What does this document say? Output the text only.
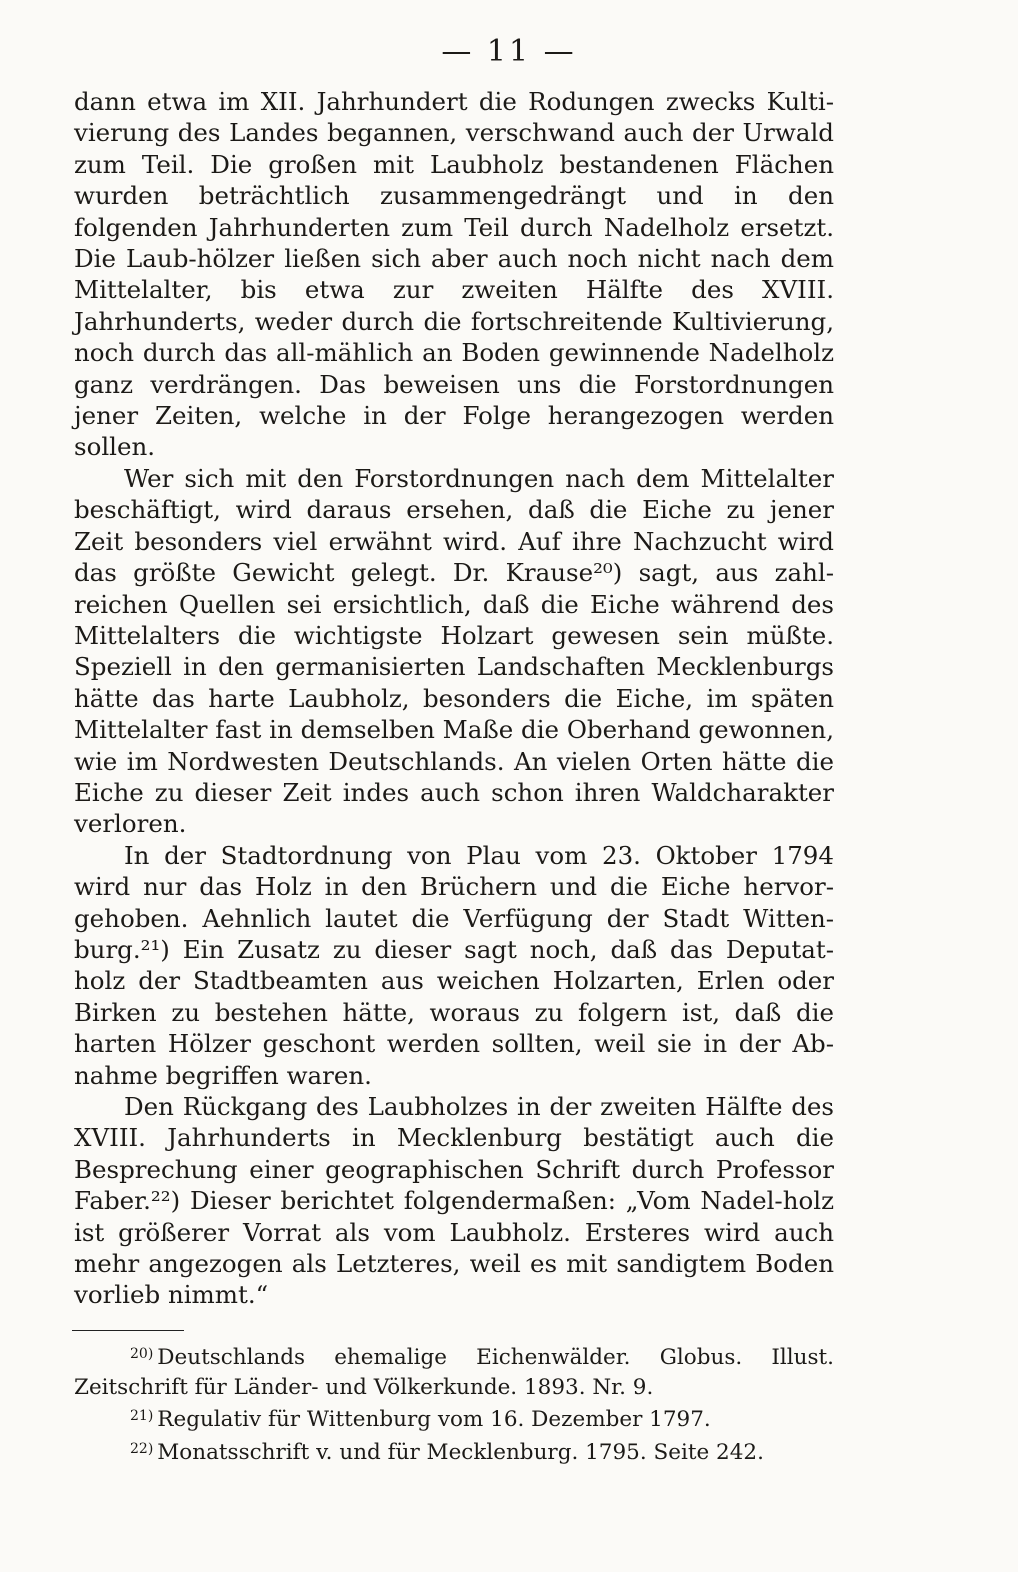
— 11 —

dann etwa im XII. Jahrhundert die Rodungen zwecks Kulti-vierung des Landes begannen, verschwand auch der Urwald zum Teil. Die großen mit Laubholz bestandenen Flächen wurden beträchtlich zusammengedrängt und in den folgenden Jahrhunderten zum Teil durch Nadelholz ersetzt. Die Laub-hölzer ließen sich aber auch noch nicht nach dem Mittelalter, bis etwa zur zweiten Hälfte des XVIII. Jahrhunderts, weder durch die fortschreitende Kultivierung, noch durch das all-mählich an Boden gewinnende Nadelholz ganz verdrängen. Das beweisen uns die Forstordnungen jener Zeiten, welche in der Folge herangezogen werden sollen.

Wer sich mit den Forstordnungen nach dem Mittelalter beschäftigt, wird daraus ersehen, daß die Eiche zu jener Zeit besonders viel erwähnt wird. Auf ihre Nachzucht wird das größte Gewicht gelegt. Dr. Krause²⁰) sagt, aus zahl-reichen Quellen sei ersichtlich, daß die Eiche während des Mittelalters die wichtigste Holzart gewesen sein müßte. Speziell in den germanisierten Landschaften Mecklenburgs hätte das harte Laubholz, besonders die Eiche, im späten Mittelalter fast in demselben Maße die Oberhand gewonnen, wie im Nordwesten Deutschlands. An vielen Orten hätte die Eiche zu dieser Zeit indes auch schon ihren Waldcharakter verloren.

In der Stadtordnung von Plau vom 23. Oktober 1794 wird nur das Holz in den Brüchern und die Eiche hervor-gehoben. Aehnlich lautet die Verfügung der Stadt Witten-burg.²¹) Ein Zusatz zu dieser sagt noch, daß das Deputat-holz der Stadtbeamten aus weichen Holzarten, Erlen oder Birken zu bestehen hätte, woraus zu folgern ist, daß die harten Hölzer geschont werden sollten, weil sie in der Ab-nahme begriffen waren.

Den Rückgang des Laubholzes in der zweiten Hälfte des XVIII. Jahrhunderts in Mecklenburg bestätigt auch die Besprechung einer geographischen Schrift durch Professor Faber.²²) Dieser berichtet folgendermaßen: „Vom Nadel-holz ist größerer Vorrat als vom Laubholz. Ersteres wird auch mehr angezogen als Letzteres, weil es mit sandigtem Boden vorlieb nimmt.“

$^{20)}$ Deutschlands ehemalige Eichenwälder. Globus. Illust. Zeitschrift für Länder- und Völkerkunde. 1893. Nr. 9.

$^{21)}$ Regulativ für Wittenburg vom 16. Dezember 1797.

$^{22)}$ Monatsschrift v. und für Mecklenburg. 1795. Seite 242.
